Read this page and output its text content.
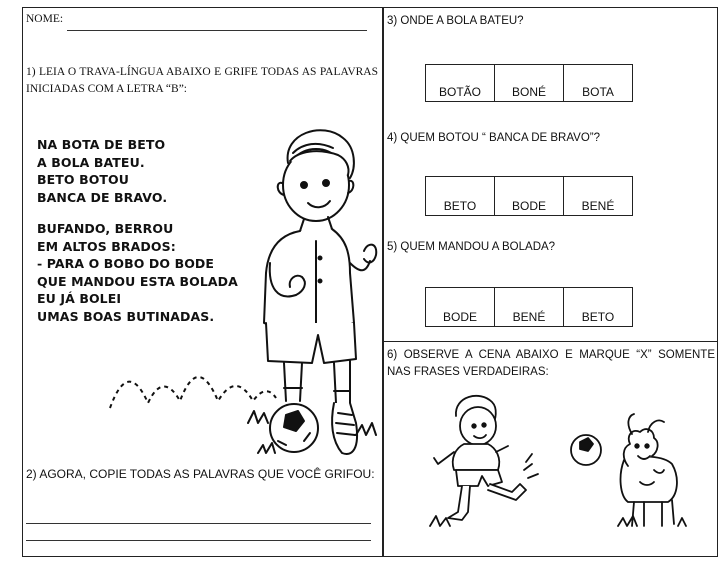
NOME:
1) LEIA O TRAVA-LÍNGUA ABAIXO E GRIFE TODAS AS PALAVRAS INICIADAS COM A LETRA “B”:
NA BOTA DE BETO
A BOLA BATEU.
BETO BOTOU
BANCA DE BRAVO.
BUFANDO, BERROU
EM ALTOS BRADOS:
- PARA O BOBO DO BODE
QUE MANDOU ESTA BOLADA
EU JÁ BOLEI
UMAS BOAS BUTINADAS.
2) AGORA, COPIE TODAS AS PALAVRAS QUE VOCÊ GRIFOU:
3) ONDE A BOLA BATEU?
BOTÃO	BONÉ	BOTA
4) QUEM BOTOU “ BANCA DE BRAVO”?
BETO	BODE	BENÉ
5) QUEM MANDOU A BOLADA?
BODE	BENÉ	BETO
6) OBSERVE A CENA ABAIXO E MARQUE “X” SOMENTE NAS FRASES VERDADEIRAS:
